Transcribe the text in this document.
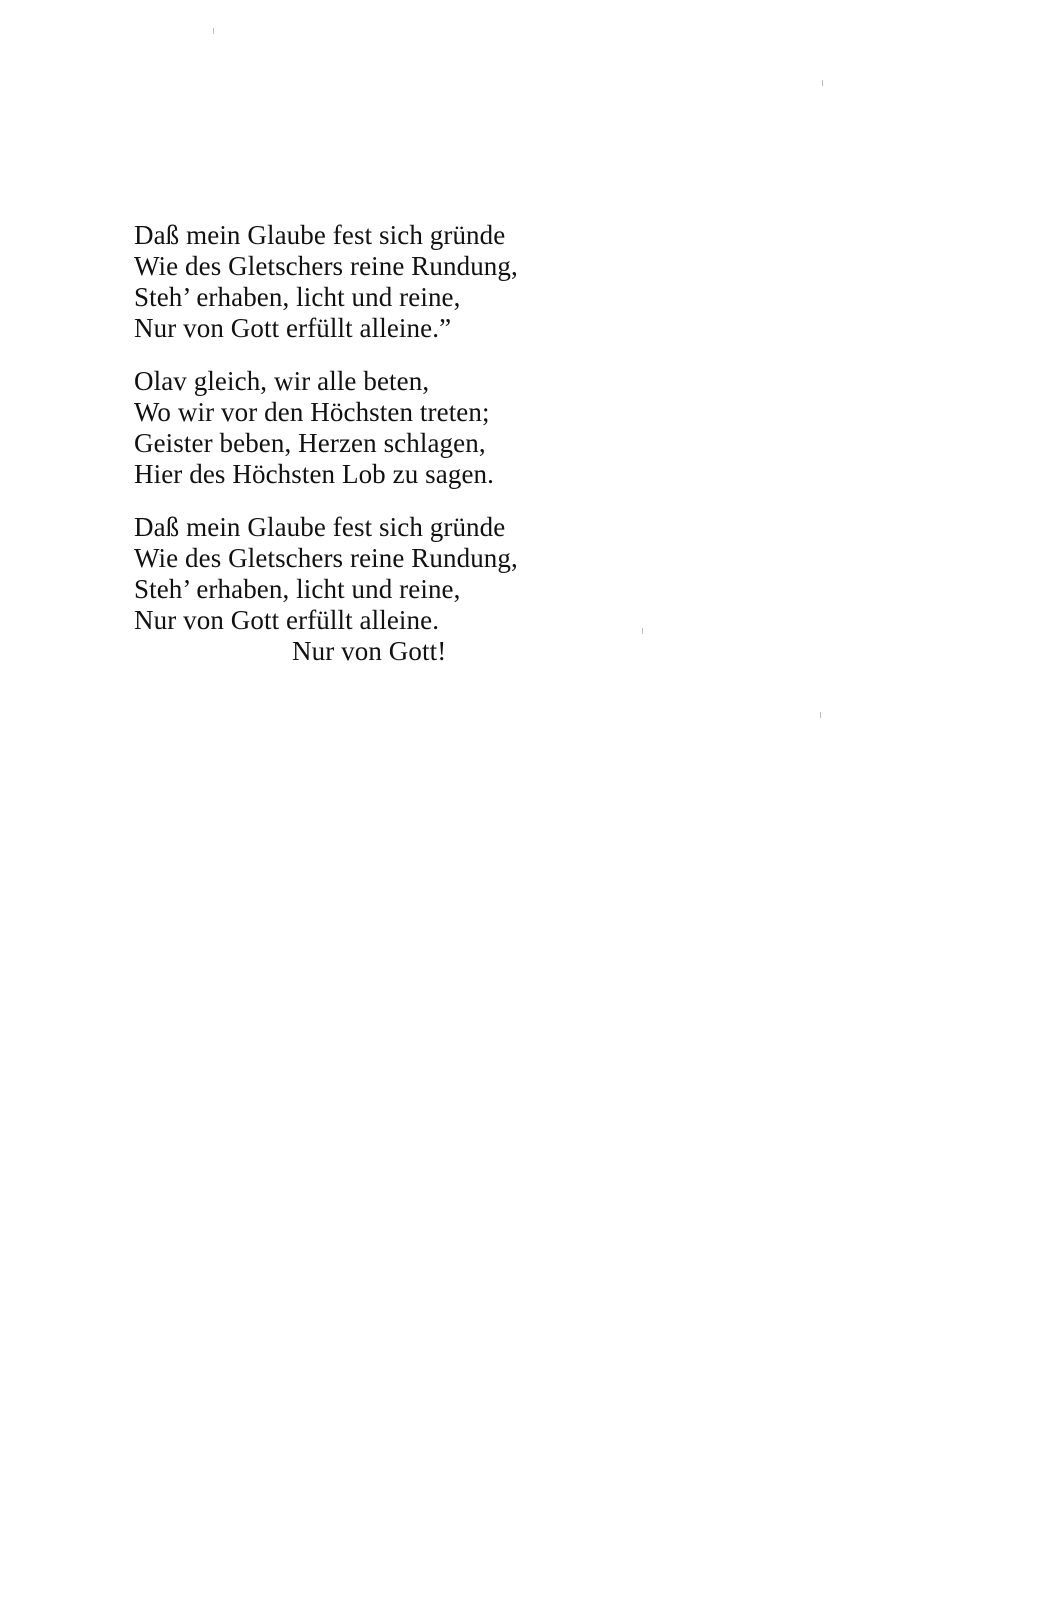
Daß mein Glaube fest sich gründe
Wie des Gletschers reine Rundung,
Steh’ erhaben, licht und reine,
Nur von Gott erfüllt alleine.”
Olav gleich, wir alle beten,
Wo wir vor den Höchsten treten;
Geister beben, Herzen schlagen,
Hier des Höchsten Lob zu sagen.
Daß mein Glaube fest sich gründe
Wie des Gletschers reine Rundung,
Steh’ erhaben, licht und reine,
Nur von Gott erfüllt alleine.
Nur von Gott!
